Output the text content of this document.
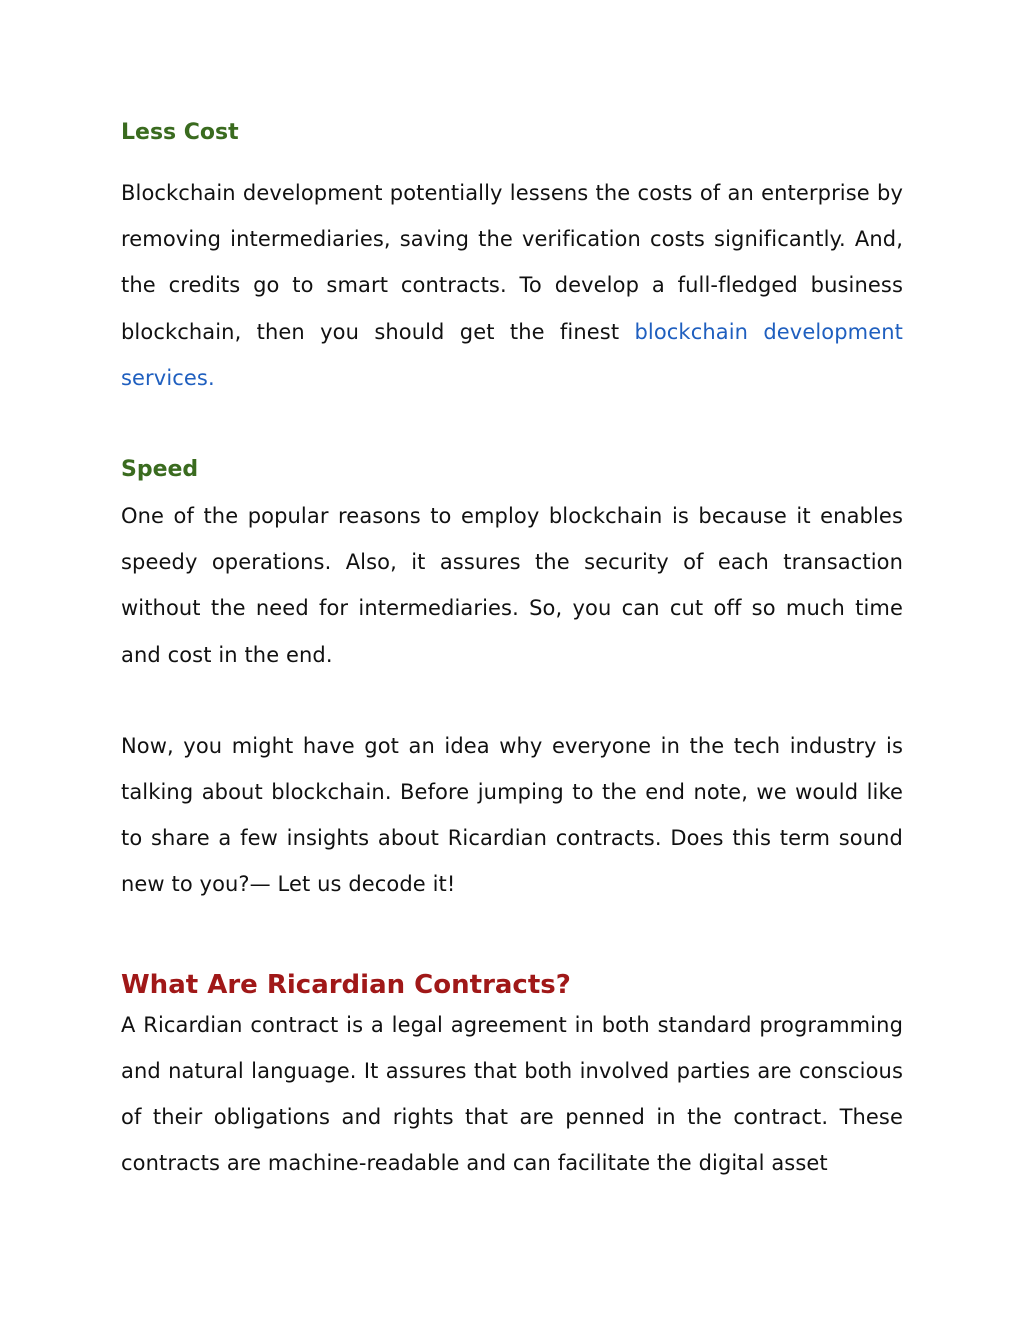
Less Cost

Blockchain development potentially lessens the costs of an enterprise by removing intermediaries, saving the verification costs significantly. And, the credits go to smart contracts. To develop a full-fledged business blockchain, then you should get the finest blockchain development services.

Speed

One of the popular reasons to employ blockchain is because it enables speedy operations. Also, it assures the security of each transaction without the need for intermediaries. So, you can cut off so much time and cost in the end.

Now, you might have got an idea why everyone in the tech industry is talking about blockchain. Before jumping to the end note, we would like to share a few insights about Ricardian contracts. Does this term sound new to you?— Let us decode it!

What Are Ricardian Contracts?

A Ricardian contract is a legal agreement in both standard programming and natural language. It assures that both involved parties are conscious of their obligations and rights that are penned in the contract. These contracts are machine-readable and can facilitate the digital asset
